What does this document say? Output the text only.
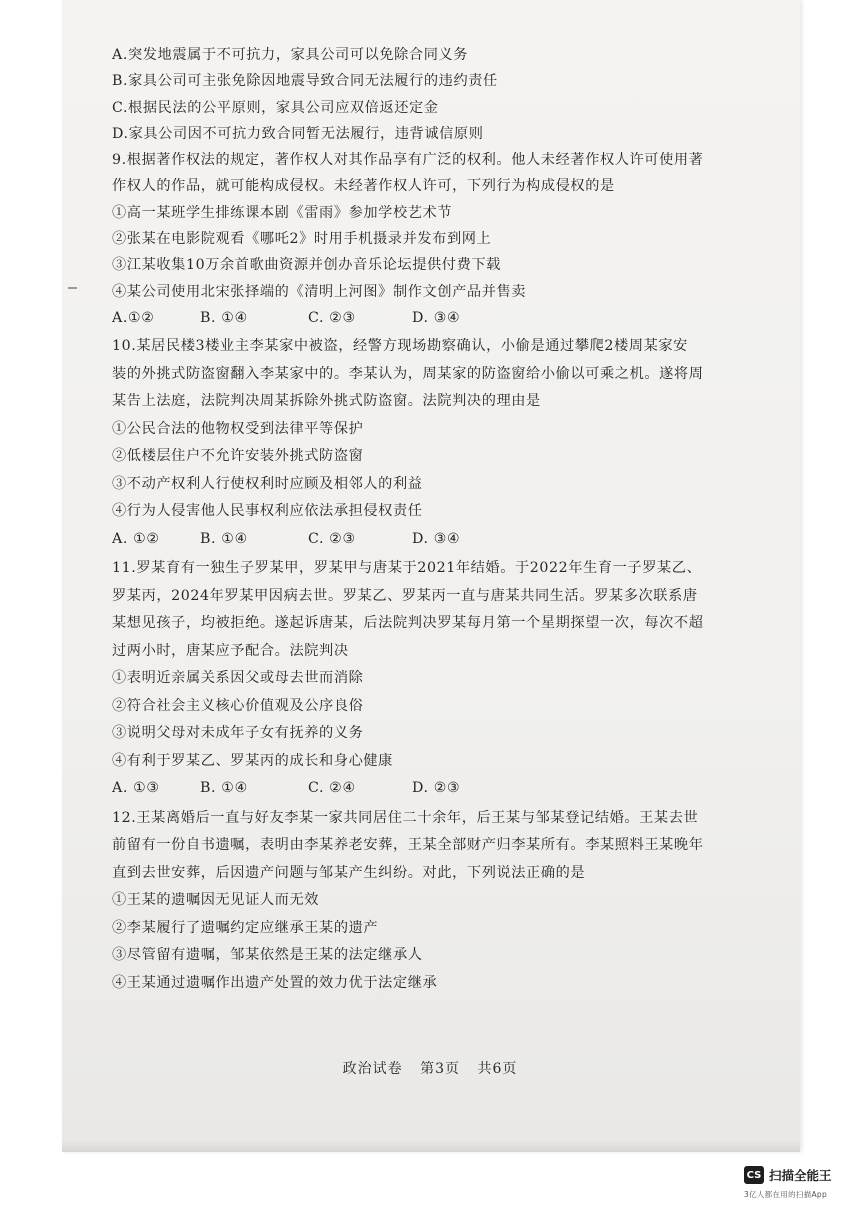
A.突发地震属于不可抗力，家具公司可以免除合同义务
B.家具公司可主张免除因地震导致合同无法履行的违约责任
C.根据民法的公平原则，家具公司应双倍返还定金
D.家具公司因不可抗力致合同暂无法履行，违背诚信原则
9.根据著作权法的规定，著作权人对其作品享有广泛的权利。他人未经著作权人许可使用著
作权人的作品，就可能构成侵权。未经著作权人许可，下列行为构成侵权的是
①高一某班学生排练课本剧《雷雨》参加学校艺术节
②张某在电影院观看《哪吒2》时用手机摄录并发布到网上
③江某收集10万余首歌曲资源并创办音乐论坛提供付费下载
④某公司使用北宋张择端的《清明上河图》制作文创产品并售卖
A.①②	B. ①④	C. ②③	D. ③④
10.某居民楼3楼业主李某家中被盗，经警方现场勘察确认，小偷是通过攀爬2楼周某家安
装的外挑式防盗窗翻入李某家中的。李某认为，周某家的防盗窗给小偷以可乘之机。遂将周
某告上法庭，法院判决周某拆除外挑式防盗窗。法院判决的理由是
①公民合法的他物权受到法律平等保护
②低楼层住户不允许安装外挑式防盗窗
③不动产权利人行使权利时应顾及相邻人的利益
④行为人侵害他人民事权利应依法承担侵权责任
A. ①②	B. ①④	C. ②③	D. ③④
11.罗某育有一独生子罗某甲，罗某甲与唐某于2021年结婚。于2022年生育一子罗某乙、
罗某丙，2024年罗某甲因病去世。罗某乙、罗某丙一直与唐某共同生活。罗某多次联系唐
某想见孩子，均被拒绝。遂起诉唐某，后法院判决罗某每月第一个星期探望一次，每次不超
过两小时，唐某应予配合。法院判决
①表明近亲属关系因父或母去世而消除
②符合社会主义核心价值观及公序良俗
③说明父母对未成年子女有抚养的义务
④有利于罗某乙、罗某丙的成长和身心健康
A. ①③	B. ①④	C. ②④	D. ②③
12.王某离婚后一直与好友李某一家共同居住二十余年，后王某与邹某登记结婚。王某去世
前留有一份自书遗嘱，表明由李某养老安葬，王某全部财产归李某所有。李某照料王某晚年
直到去世安葬，后因遗产问题与邹某产生纠纷。对此，下列说法正确的是
①王某的遗嘱因无见证人而无效
②李某履行了遗嘱约定应继承王某的遗产
③尽管留有遗嘱，邹某依然是王某的法定继承人
④王某通过遗嘱作出遗产处置的效力优于法定继承
政治试卷 第3页 共6页
CS 扫描全能王
3亿人都在用的扫描App
